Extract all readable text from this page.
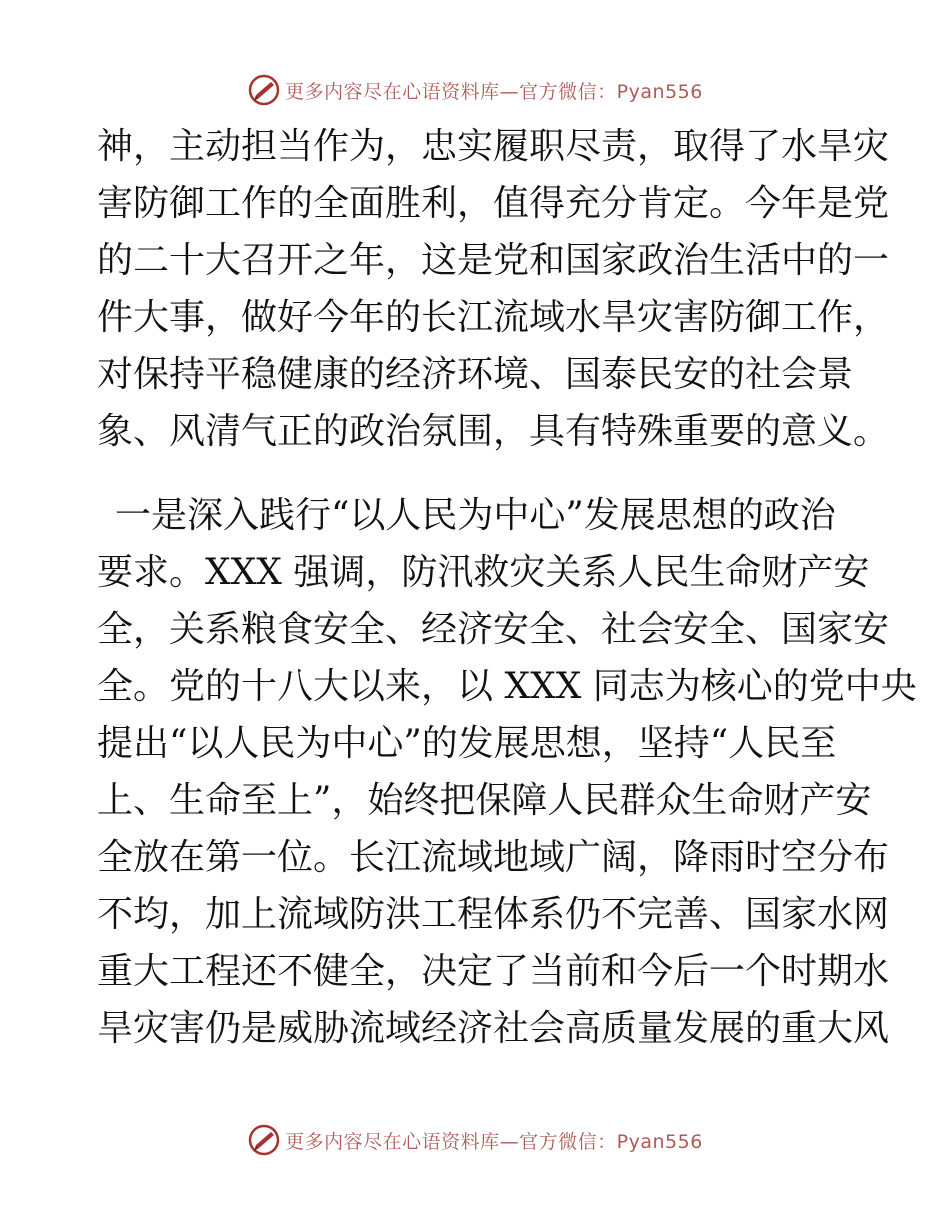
更多内容尽在心语资料库—官方微信：Pyan556
神，主动担当作为，忠实履职尽责，取得了水旱灾
害防御工作的全面胜利，值得充分肯定。今年是党
的二十大召开之年，这是党和国家政治生活中的一
件大事，做好今年的长江流域水旱灾害防御工作，
对保持平稳健康的经济环境、国泰民安的社会景
象、风清气正的政治氛围，具有特殊重要的意义。
一是深入践行“以人民为中心”发展思想的政治
要求。XXX 强调，防汛救灾关系人民生命财产安
全，关系粮食安全、经济安全、社会安全、国家安
全。党的十八大以来，以 XXX 同志为核心的党中央
提出“以人民为中心”的发展思想，坚持“人民至
上、生命至上”，始终把保障人民群众生命财产安
全放在第一位。长江流域地域广阔，降雨时空分布
不均，加上流域防洪工程体系仍不完善、国家水网
重大工程还不健全，决定了当前和今后一个时期水
旱灾害仍是威胁流域经济社会高质量发展的重大风
更多内容尽在心语资料库—官方微信：Pyan556
